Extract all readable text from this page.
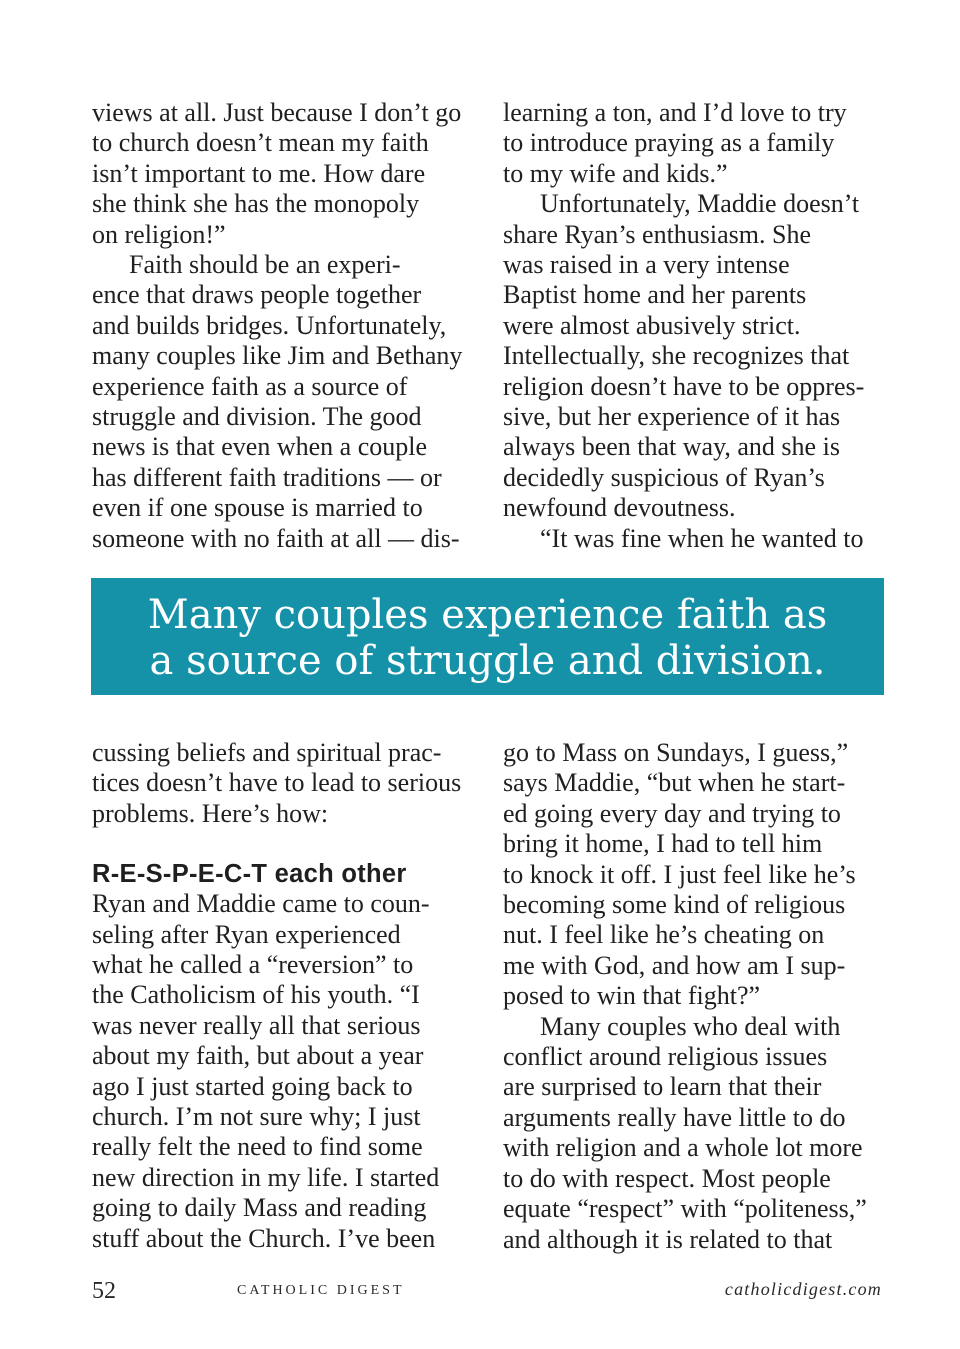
views at all. Just because I don’t go
to church doesn’t mean my faith
isn’t important to me. How dare
she think she has the monopoly
on religion!”
Faith should be an experi-
ence that draws people together
and builds bridges. Unfortunately,
many couples like Jim and Bethany
experience faith as a source of
struggle and division. The good
news is that even when a couple
has different faith traditions — or
even if one spouse is married to
someone with no faith at all — dis-
learning a ton, and I’d love to try
to introduce praying as a family
to my wife and kids.”
Unfortunately, Maddie doesn’t
share Ryan’s enthusiasm. She
was raised in a very intense
Baptist home and her parents
were almost abusively strict.
Intellectually, she recognizes that
religion doesn’t have to be oppres-
sive, but her experience of it has
always been that way, and she is
decidedly suspicious of Ryan’s
newfound devoutness.
“It was fine when he wanted to
Many couples experience faith as
a source of struggle and division.
cussing beliefs and spiritual prac-
tices doesn’t have to lead to serious
problems. Here’s how:
R-E-S-P-E-C-T each other
Ryan and Maddie came to coun-
seling after Ryan experienced
what he called a “reversion” to
the Catholicism of his youth. “I
was never really all that serious
about my faith, but about a year
ago I just started going back to
church. I’m not sure why; I just
really felt the need to find some
new direction in my life. I started
going to daily Mass and reading
stuff about the Church. I’ve been
go to Mass on Sundays, I guess,”
says Maddie, “but when he start-
ed going every day and trying to
bring it home, I had to tell him
to knock it off. I just feel like he’s
becoming some kind of religious
nut. I feel like he’s cheating on
me with God, and how am I sup-
posed to win that fight?”
Many couples who deal with
conflict around religious issues
are surprised to learn that their
arguments really have little to do
with religion and a whole lot more
to do with respect. Most people
equate “respect” with “politeness,”
and although it is related to that
52	CATHOLIC DIGEST	catholicdigest.com
